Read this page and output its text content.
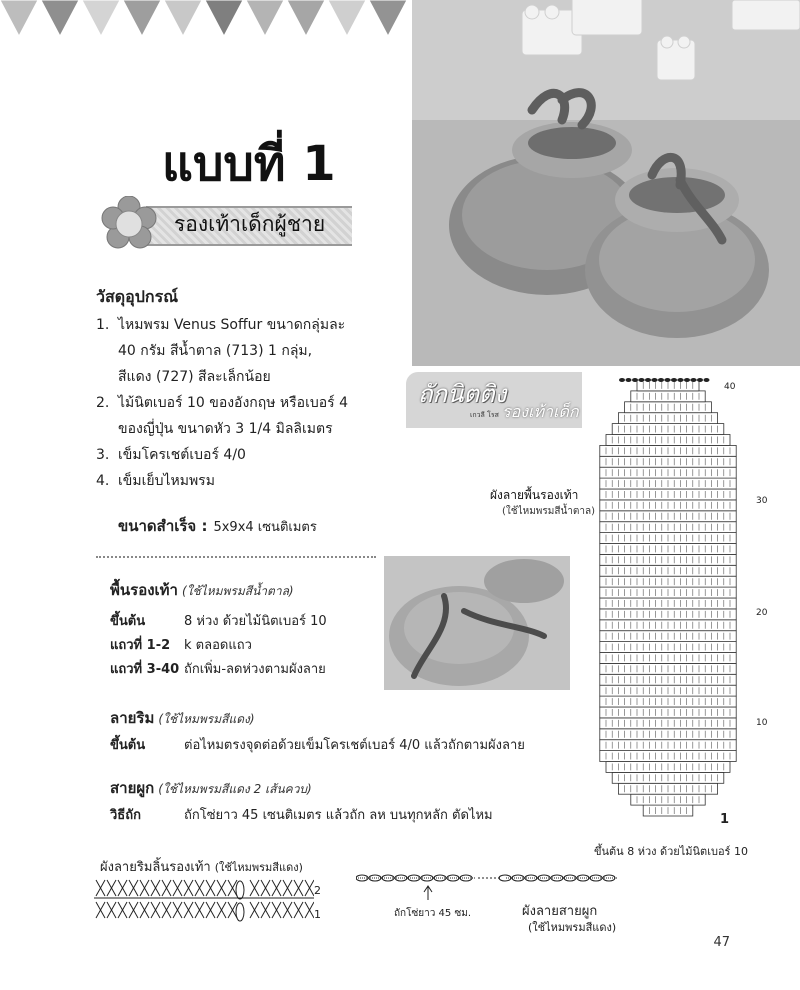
ถักนิตติง
รองเท้าเด็ก
เกวลี โรส
แบบที่ 1
รองเท้าเด็กผู้ชาย
วัสดุอุปกรณ์
1. ไหมพรม Venus Soffur ขนาดกลุ่มละ
40 กรัม สีน้ำตาล (713) 1 กลุ่ม,
สีแดง (727) สีละเล็กน้อย
2. ไม้นิตเบอร์ 10 ของอังกฤษ หรือเบอร์ 4
ของญี่ปุ่น ขนาดหัว 3 1/4 มิลลิเมตร
3. เข็มโครเชต์เบอร์ 4/0
4. เข็มเย็บไหมพรม
ขนาดสำเร็จ : 5x9x4 เซนติเมตร
พื้นรองเท้า (ใช้ไหมพรมสีน้ำตาล)
ขึ้นต้น	8 ห่วง ด้วยไม้นิตเบอร์ 10
แถวที่ 1-2 k ตลอดแถว
แถวที่ 3-40 ถักเพิ่ม-ลดห่วงตามผังลาย
ลายริม (ใช้ไหมพรมสีแดง)
ขึ้นต้น	ต่อไหมตรงจุดต่อด้วยเข็มโครเชต์เบอร์ 4/0 แล้วถักตามผังลาย
สายผูก (ใช้ไหมพรมสีแดง 2 เส้นควบ)
วิธีถัก	ถักโซ่ยาว 45 เซนติเมตร แล้วถัก ลห บนทุกหลัก ตัดไหม
ผังลายพื้นรองเท้า
(ใช้ไหมพรมสีน้ำตาล)
40
30
20
10
1
ขึ้นต้น 8 ห่วง ด้วยไม้นิตเบอร์ 10
ผังลายริมลิ้นรองเท้า (ใช้ไหมพรมสีแดง)
2
1	ถักโซ่ยาว 45 ซม.	ผังลายสายผูก
(ใช้ไหมพรมสีแดง)
47
